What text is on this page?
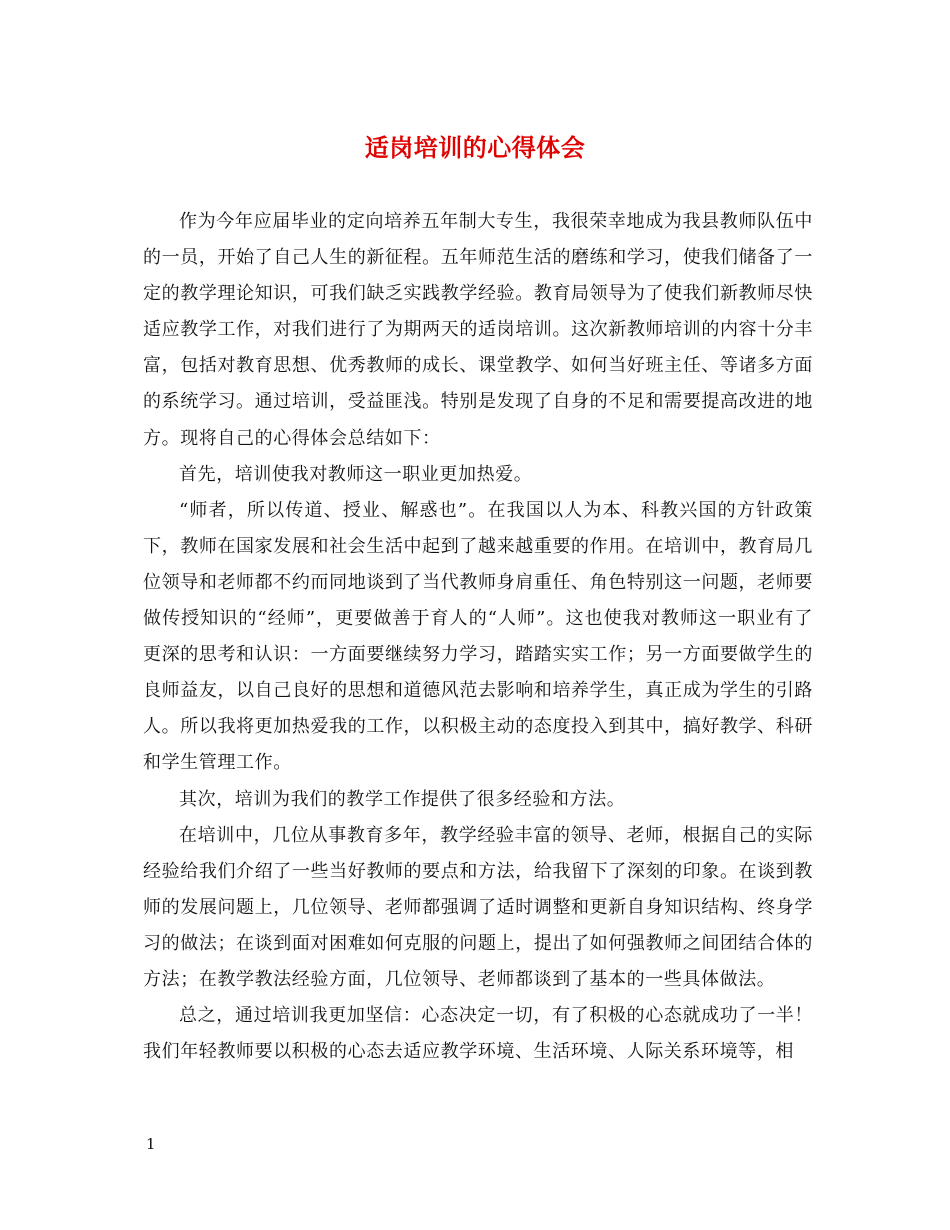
适岗培训的心得体会

作为今年应届毕业的定向培养五年制大专生，我很荣幸地成为我县教师队伍中的一员，开始了自己人生的新征程。五年师范生活的磨练和学习，使我们储备了一定的教学理论知识，可我们缺乏实践教学经验。教育局领导为了使我们新教师尽快适应教学工作，对我们进行了为期两天的适岗培训。这次新教师培训的内容十分丰富，包括对教育思想、优秀教师的成长、课堂教学、如何当好班主任、等诸多方面的系统学习。通过培训，受益匪浅。特别是发现了自身的不足和需要提高改进的地方。现将自己的心得体会总结如下：

首先，培训使我对教师这一职业更加热爱。

“师者，所以传道、授业、解惑也”。在我国以人为本、科教兴国的方针政策下，教师在国家发展和社会生活中起到了越来越重要的作用。在培训中，教育局几位领导和老师都不约而同地谈到了当代教师身肩重任、角色特别这一问题，老师要做传授知识的“经师”，更要做善于育人的“人师”。这也使我对教师这一职业有了更深的思考和认识：一方面要继续努力学习，踏踏实实工作；另一方面要做学生的良师益友，以自己良好的思想和道德风范去影响和培养学生，真正成为学生的引路人。所以我将更加热爱我的工作，以积极主动的态度投入到其中，搞好教学、科研和学生管理工作。

其次，培训为我们的教学工作提供了很多经验和方法。

在培训中，几位从事教育多年，教学经验丰富的领导、老师，根据自己的实际经验给我们介绍了一些当好教师的要点和方法，给我留下了深刻的印象。在谈到教师的发展问题上，几位领导、老师都强调了适时调整和更新自身知识结构、终身学习的做法；在谈到面对困难如何克服的问题上，提出了如何强教师之间团结合体的方法；在教学教法经验方面，几位领导、老师都谈到了基本的一些具体做法。

总之，通过培训我更加坚信：心态决定一切，有了积极的心态就成功了一半！我们年轻教师要以积极的心态去适应教学环境、生活环境、人际关系环境等，相

1
